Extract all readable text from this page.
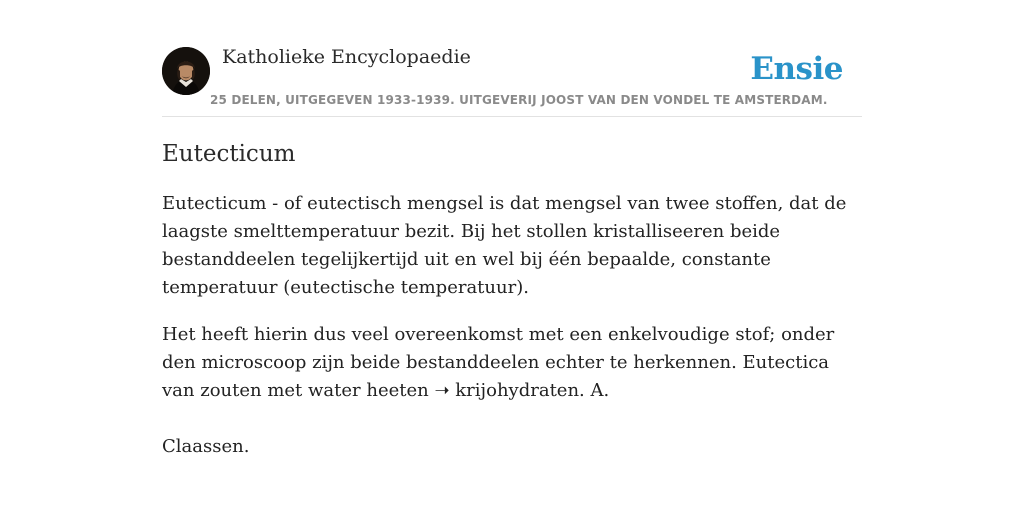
Katholieke Encyclopaedie
25 DELEN, UITGEGEVEN 1933-1939. UITGEVERIJ JOOST VAN DEN VONDEL TE AMSTERDAM.
Ensie
Eutecticum

Eutecticum - of eutectisch mengsel is dat mengsel van twee stoffen, dat de laagste smelttemperatuur bezit. Bij het stollen kristalliseeren beide bestanddeelen tegelijkertijd uit en wel bij één bepaalde, constante temperatuur (eutectische temperatuur).

Het heeft hierin dus veel overeenkomst met een enkelvoudige stof; onder den microscoop zijn beide bestanddeelen echter te herkennen. Eutectica van zouten met water heeten ➝ krijohydraten. A.

Claassen.
